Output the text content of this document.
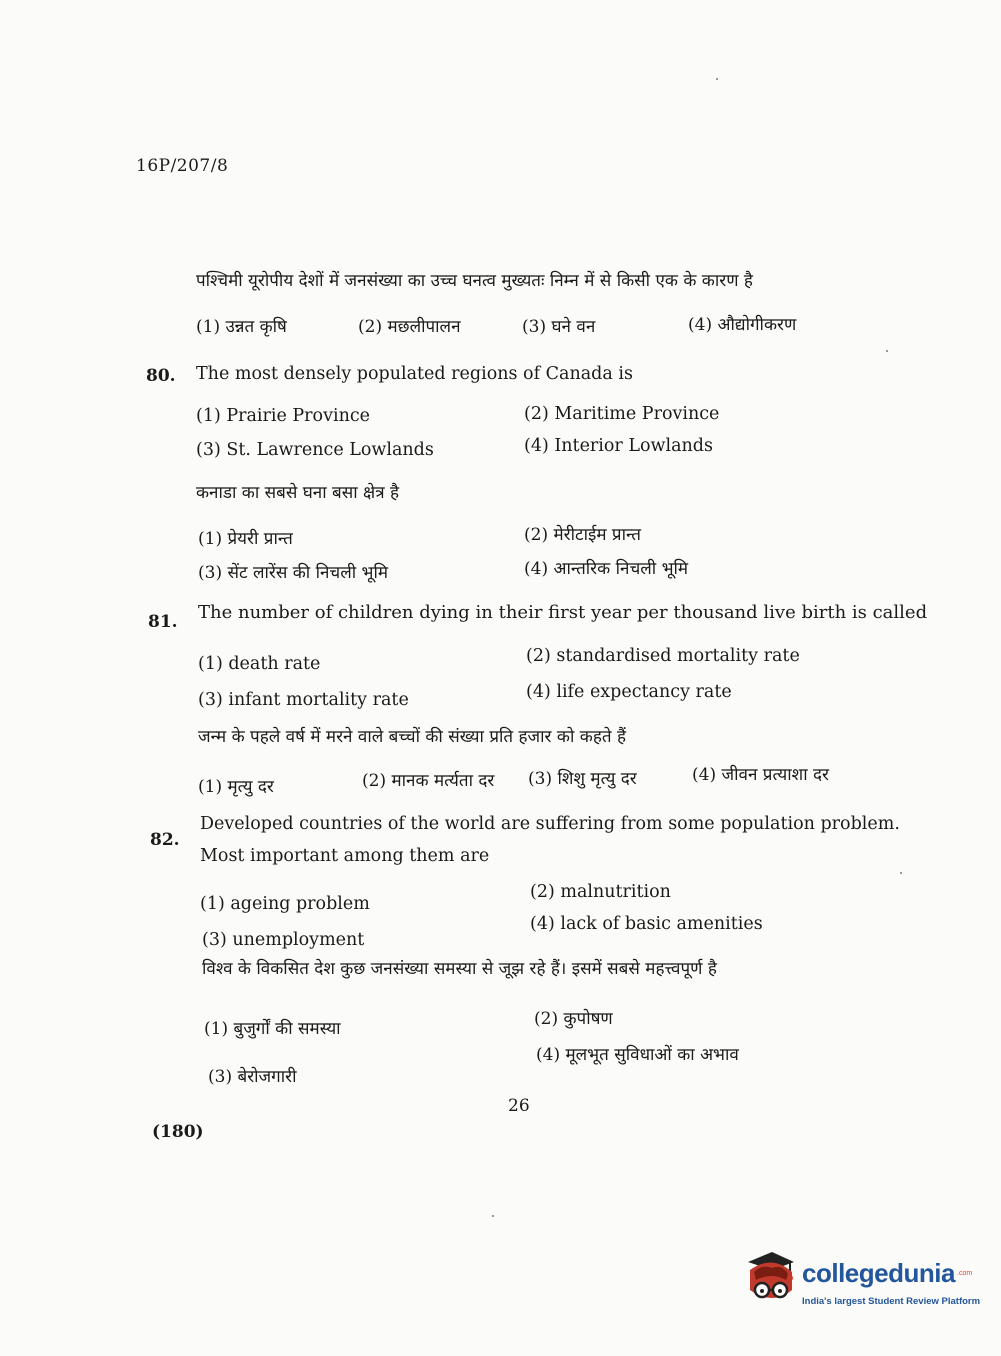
16P/207/8
पश्चिमी यूरोपीय देशों में जनसंख्या का उच्च घनत्व मुख्यतः निम्न में से किसी एक के कारण है
(1) उन्नत कृषि	(2) मछलीपालन	(3) घने वन	(4) औद्योगीकरण
80. The most densely populated regions of Canada is
(1) Prairie Province	(2) Maritime Province
(3) St. Lawrence Lowlands	(4) Interior Lowlands
कनाडा का सबसे घना बसा क्षेत्र है
(1) प्रेयरी प्रान्त	(2) मेरीटाईम प्रान्त
(3) सेंट लारेंस की निचली भूमि	(4) आन्तरिक निचली भूमि
81. The number of children dying in their first year per thousand live birth is called
(1) death rate	(2) standardised mortality rate
(3) infant mortality rate	(4) life expectancy rate
जन्म के पहले वर्ष में मरने वाले बच्चों की संख्या प्रति हजार को कहते हैं
(1) मृत्यु दर	(2) मानक मर्त्यता दर (3) शिशु मृत्यु दर	(4) जीवन प्रत्याशा दर
82.
Developed countries of the world are suffering from some population problem.
Most important among them are
(1) ageing problem
(2) malnutrition
(3) unemployment
(4) lack of basic amenities
विश्व के विकसित देश कुछ जनसंख्या समस्या से जूझ रहे हैं। इसमें सबसे महत्त्वपूर्ण है
(1) बुजुर्गों की समस्या	(2) कुपोषण
(3) बेरोजगारी
(4) मूलभूत सुविधाओं का अभाव
26
(180)
collegedunia .com
India's largest Student Review Platform
